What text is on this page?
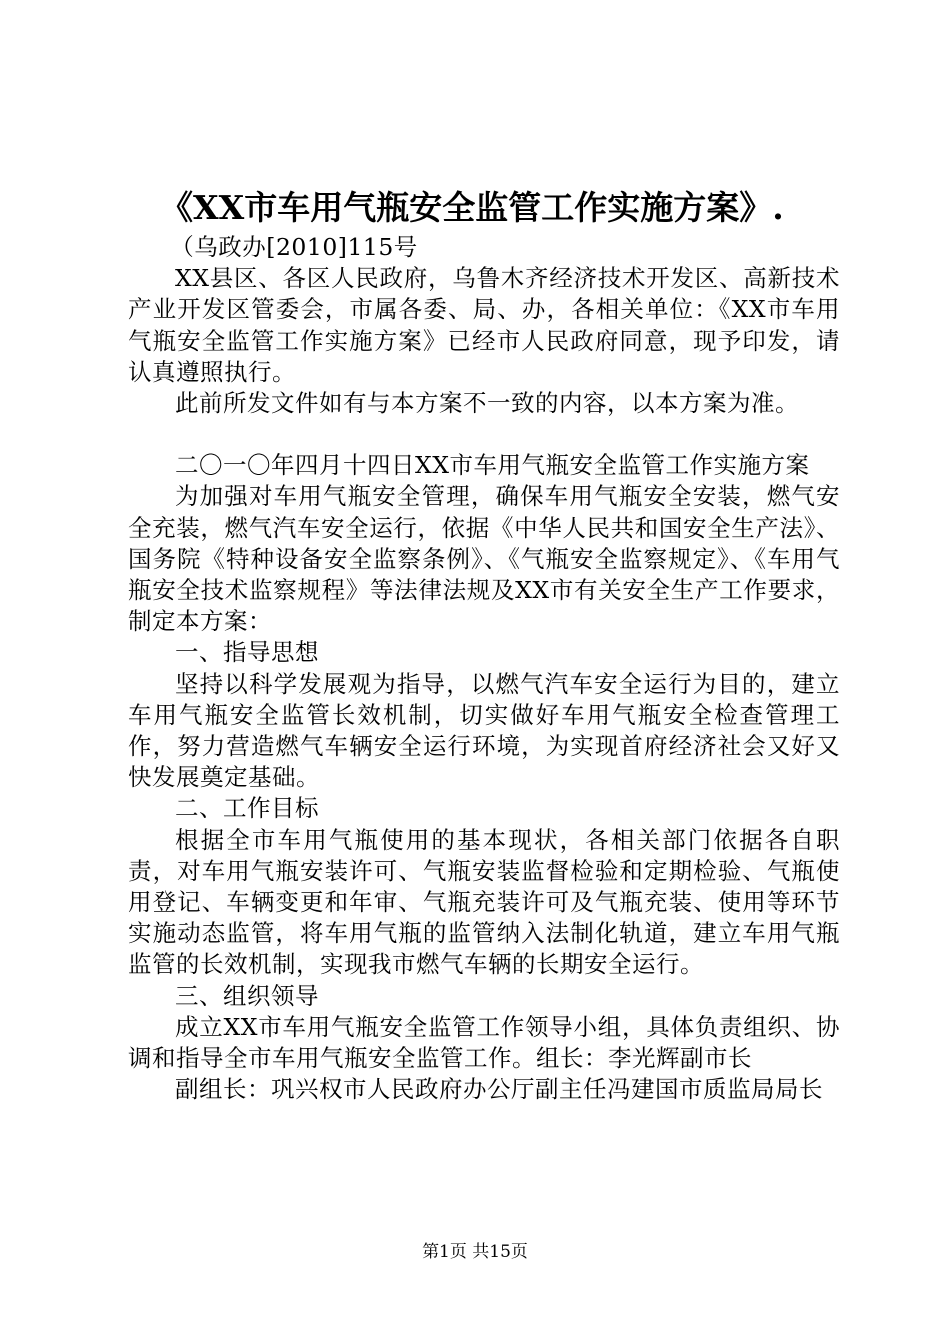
《XX市车用气瓶安全监管工作实施方案》.

（乌政办[2010]115号

XX县区、各区人民政府，乌鲁木齐经济技术开发区、高新技术产业开发区管委会，市属各委、局、办，各相关单位：《XX市车用气瓶安全监管工作实施方案》已经市人民政府同意，现予印发，请认真遵照执行。

此前所发文件如有与本方案不一致的内容，以本方案为准。

二〇一〇年四月十四日XX市车用气瓶安全监管工作实施方案

为加强对车用气瓶安全管理，确保车用气瓶安全安装，燃气安全充装，燃气汽车安全运行，依据《中华人民共和国安全生产法》、国务院《特种设备安全监察条例》、《气瓶安全监察规定》、《车用气瓶安全技术监察规程》等法律法规及XX市有关安全生产工作要求，制定本方案：

一、指导思想

坚持以科学发展观为指导，以燃气汽车安全运行为目的，建立车用气瓶安全监管长效机制，切实做好车用气瓶安全检查管理工作，努力营造燃气车辆安全运行环境，为实现首府经济社会又好又快发展奠定基础。

二、工作目标

根据全市车用气瓶使用的基本现状，各相关部门依据各自职责，对车用气瓶安装许可、气瓶安装监督检验和定期检验、气瓶使用登记、车辆变更和年审、气瓶充装许可及气瓶充装、使用等环节实施动态监管，将车用气瓶的监管纳入法制化轨道，建立车用气瓶监管的长效机制，实现我市燃气车辆的长期安全运行。

三、组织领导

成立XX市车用气瓶安全监管工作领导小组，具体负责组织、协调和指导全市车用气瓶安全监管工作。组长：李光辉副市长

副组长：巩兴权市人民政府办公厅副主任冯建国市质监局局长

第1页 共15页
